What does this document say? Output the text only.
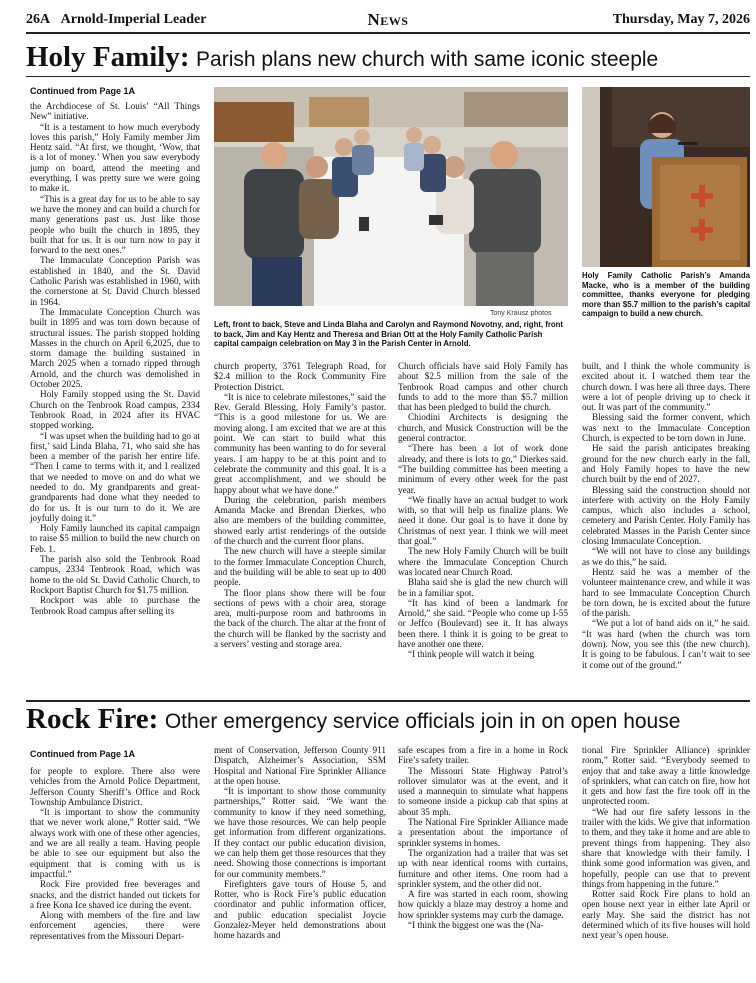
26A Arnold-Imperial Leader	News	Thursday, May 7, 2026
Holy Family: Parish plans new church with same iconic steeple
Continued from Page 1A
Tony Krausz photos
Left, front to back, Steve and Linda Blaha and Carolyn and Raymond Novotny, and, right, front to back, Jim and Kay Hentz and Theresa and Brian Ott at the Holy Family Catholic Parish capital campaign celebration on May 3 in the Parish Center in Arnold.
Holy Family Catholic Parish’s Amanda Macke, who is a member of the building committee, thanks everyone for pledging more than $5.7 million to the parish’s capital campaign to build a new church.

the Archdiocese of St. Louis’ “All Things New” initiative.

“It is a testament to how much everybody loves this parish,” Holy Family member Jim Hentz said. “At first, we thought, ‘Wow, that is a lot of money.’ When you saw everybody jump on board, attend the meeting and everything, I was pretty sure we were going to make it.

“This is a great day for us to be able to say we have the money and can build a church for many generations past us. Just like those people who built the church in 1895, they built that for us. It is our turn now to pay it forward to the next ones.”

The Immaculate Conception Parish was established in 1840, and the St. David Catholic Parish was established in 1960, with the cornerstone at St. David Church blessed in 1964.

The Immaculate Conception Church was built in 1895 and was torn down because of structural issues. The parish stopped holding Masses in the church on April 6,2025, due to storm damage the building sustained in March 2025 when a tornado ripped through Arnold, and the church was demolished in October 2025.

Holy Family stopped using the St. David Church on the Tenbrook Road campus, 2334 Tenbrook Road, in 2024 after its HVAC stopped working.

“I was upset when the building had to go at first,’ said Linda Blaha, 71, who said she has been a member of the parish her entire life. “Then I came to terms with it, and I realized that we needed to move on and do what we needed to do. My grandparents and great-grandparents had done what they needed to do for us. It is our turn to do it. We are joyfully doing it.”

Holy Family launched its capital campaign to raise $5 million to build the new church on Feb. 1.

The parish also sold the Tenbrook Road campus, 2334 Tenbrook Road, which was home to the old St. David Catholic Church, to Rockport Baptist Church for $1.75 million.

Rockport was able to purchase the Tenbrook Road campus after selling its

church property, 3761 Telegraph Road, for $2.4 million to the Rock Community Fire Protection District.

“It is nice to celebrate milestones,” said the Rev. Gerald Blessing, Holy Family’s pastor. “This is a good milestone for us. We are moving along. I am excited that we are at this point. We can start to build what this community has been wanting to do for several years. I am happy to be at this point and to celebrate the community and this goal. It is a great accomplishment, and we should be happy about what we have done.”

During the celebration, parish members Amanda Macke and Brendan Dierkes, who also are members of the building committee, showed early artist renderings of the outside of the church and the current floor plans.

The new church will have a steeple similar to the former Immaculate Conception Church, and the building will be able to seat up to 400 people.

The floor plans show there will be four sections of pews with a choir area, storage area, multi-purpose room and bathrooms in the back of the church. The altar at the front of the church will be flanked by the sacristy and a servers’ vesting and storage area.

Church officials have said Holy Family has about $2.5 million from the sale of the Tenbrook Road campus and other church funds to add to the more than $5.7 million that has been pledged to build the church.

Chiodini Architects is designing the church, and Musick Construction will be the general contractor.

“There has been a lot of work done already, and there is lots to go,” Dierkes said. “The building committee has been meeting a minimum of every other week for the past year.

“We finally have an actual budget to work with, so that will help us finalize plans. We need it done. Our goal is to have it done by Christmas of next year. I think we will meet that goal.”

The new Holy Family Church will be built where the Immaculate Conception Church was located near Church Road.

Blaha said she is glad the new church will be in a familiar spot.

“It has kind of been a landmark for Arnold,” she said. “People who come up I-55 or Jeffco (Boulevard) see it. It has always been there. I think it is going to be great to have another one there.

“I think people will watch it being

built, and I think the whole community is excited about it. I watched them tear the church down. I was here all three days. There were a lot of people driving up to check it out. It was part of the community.”

Blessing said the former convent, which was next to the Immaculate Conception Church, is expected to be torn down in June.

He said the parish anticipates breaking ground for the new church early in the fall, and Holy Family hopes to have the new church built by the end of 2027.

Blessing said the construction should not interfere with activity on the Holy Family campus, which also includes a school, cemetery and Parish Center. Holy Family has celebrated Masses in the Parish Center since closing Immaculate Conception.

“We will not have to close any buildings as we do this,” he said.

Hentz said he was a member of the volunteer maintenance crew, and while it was hard to see Immaculate Conception Church be torn down, he is excited about the future of the parish.

“We put a lot of band aids on it,” he said. “It was hard (when the church was torn down). Now, you see this (the new church). It is going to be fabulous. I can’t wait to see it come out of the ground.”

Rock Fire: Other emergency service officials join in on open house
Continued from Page 1A

for people to explore. There also were vehicles from the Arnold Police Department, Jefferson County Sheriff’s Office and Rock Township Ambulance District.

“It is important to show the community that we never work alone,” Rotter said. “We always work with one of these other agencies, and we are all really a team. Having people be able to see our equipment but also the equipment that is coming with us is impactful.”

Rock Fire provided free beverages and snacks, and the district handed out tickets for a free Kona Ice shaved ice during the event.

Along with members of the fire and law enforcement agencies, there were representatives from the Missouri Depart-

ment of Conservation, Jefferson County 911 Dispatch, Alzheimer’s Association, SSM Hospital and National Fire Sprinkler Alliance at the open house.

“It is important to show those community partnerships,” Rotter said. “We want the community to know if they need something, we have those resources. We can help people get information from different organizations. If they contact our public education division, we can help them get those resources that they need. Showing those connections is important for our community members.”

Firefighters gave tours of House 5, and Rotter, who is Rock Fire’s public education coordinator and public information officer, and public education specialist Joycie Gonzalez-Meyer held demonstrations about home hazards and

safe escapes from a fire in a home in Rock Fire’s safety trailer.

The Missouri State Highway Patrol’s rollover simulator was at the event, and it used a mannequin to simulate what happens to someone inside a pickup cab that spins at about 35 mph.

The National Fire Sprinkler Alliance made a presentation about the importance of sprinkler systems in homes.

The organization had a trailer that was set up with near identical rooms with curtains, furniture and other items. One room had a sprinkler system, and the other did not.

A fire was started in each room, showing how quickly a blaze may destroy a home and how sprinkler systems may curb the damage.

“I think the biggest one was the (Na-

tional Fire Sprinkler Alliance) sprinkler room,” Rotter said. “Everybody seemed to enjoy that and take away a little knowledge of sprinklers, what can catch on fire, how hot it gets and how fast the fire took off in the unprotected room.

“We had our fire safety lessons in the trailer with the kids. We give that information to them, and they take it home and are able to prevent things from happening. They also share that knowledge with their family. I think some good information was given, and hopefully, people can use that to prevent things from happening in the future.”

Rotter said Rock Fire plans to hold an open house next year in either late April or early May. She said the district has not determined which of its five houses will hold next year’s open house.
